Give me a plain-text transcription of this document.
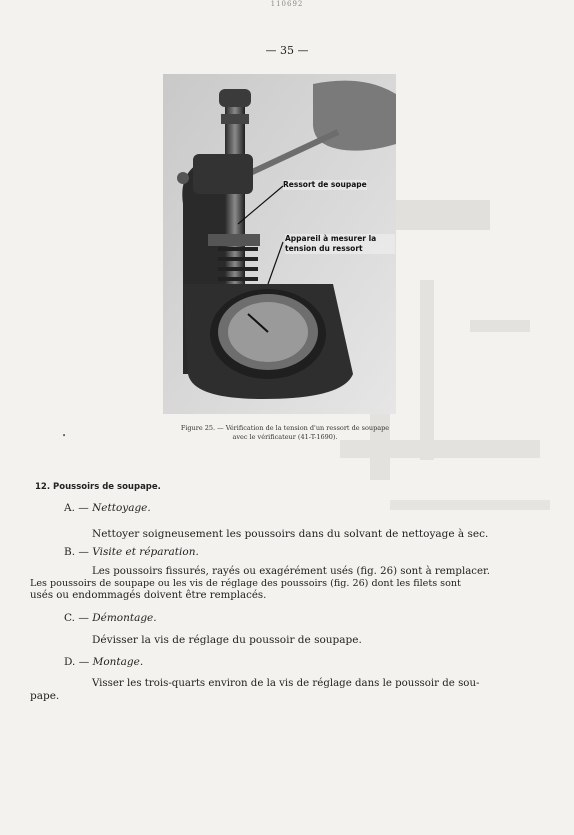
110692
— 35 —
Ressort de soupape
Appareil à mesurer la tension du ressort
Figure 25. — Vérification de la tension d'un ressort de soupape
avec le vérificateur (41-T-1690).
•
12. Poussoirs de soupape.
A. — Nettoyage.
Nettoyer soigneusement les poussoirs dans du solvant de nettoyage à sec.
B. — Visite et réparation.
Les poussoirs fissurés, rayés ou exagérément usés (fig. 26) sont à remplacer.
Les poussoirs de soupape ou les vis de réglage des poussoirs (fig. 26) dont les filets sont
usés ou endommagés doivent être remplacés.
C. — Démontage.
Dévisser la vis de réglage du poussoir de soupape.
D. — Montage.
Visser les trois-quarts environ de la vis de réglage dans le poussoir de sou-
pape.
